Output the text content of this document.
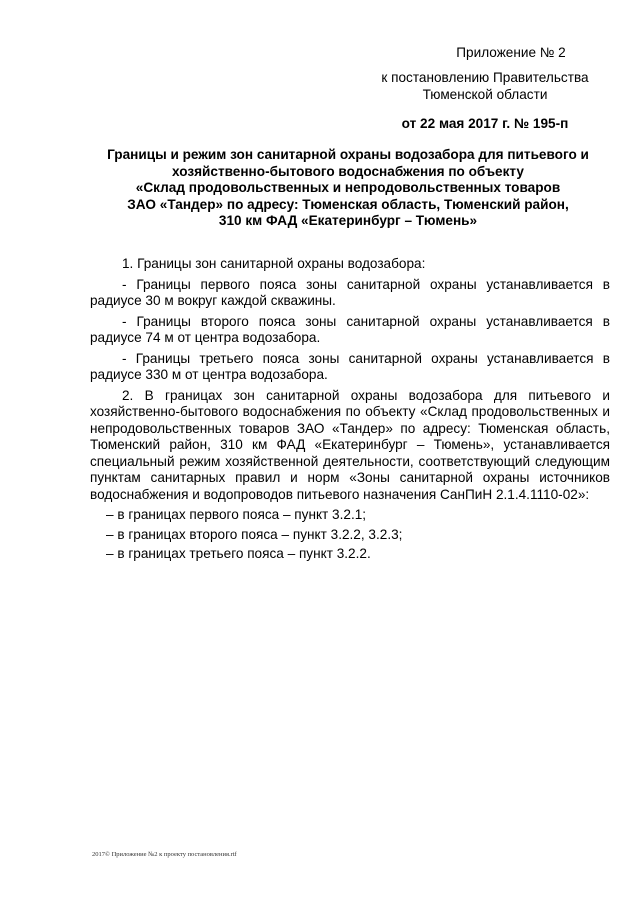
Приложение № 2
к постановлению Правительства
Тюменской области
от 22 мая 2017 г. № 195-п
Границы и режим зон санитарной охраны водозабора для питьевого и
хозяйственно-бытового водоснабжения по объекту
«Склад продовольственных и непродовольственных товаров
ЗАО «Тандер» по адресу: Тюменская область, Тюменский район,
310 км ФАД «Екатеринбург – Тюмень»

1. Границы зон санитарной охраны водозабора:

- Границы первого пояса зоны санитарной охраны устанавливается в радиусе 30 м вокруг каждой скважины.

- Границы второго пояса зоны санитарной охраны устанавливается в радиусе 74 м от центра водозабора.

- Границы третьего пояса зоны санитарной охраны устанавливается в радиусе 330 м от центра водозабора.

2. В границах зон санитарной охраны водозабора для питьевого и хозяйственно-бытового водоснабжения по объекту «Склад продовольственных и непродовольственных товаров ЗАО «Тандер» по адресу: Тюменская область, Тюменский район, 310 км ФАД «Екатеринбург – Тюмень», устанавливается специальный режим хозяйственной деятельности, соответствующий следующим пунктам санитарных правил и норм «Зоны санитарной охраны источников водоснабжения и водопроводов питьевого назначения СанПиН 2.1.4.1110-02»:

– в границах первого пояса – пункт 3.2.1;

– в границах второго пояса – пункт 3.2.2, 3.2.3;

– в границах третьего пояса – пункт 3.2.2.

2017© Приложение №2 к проекту постановления.rtf
